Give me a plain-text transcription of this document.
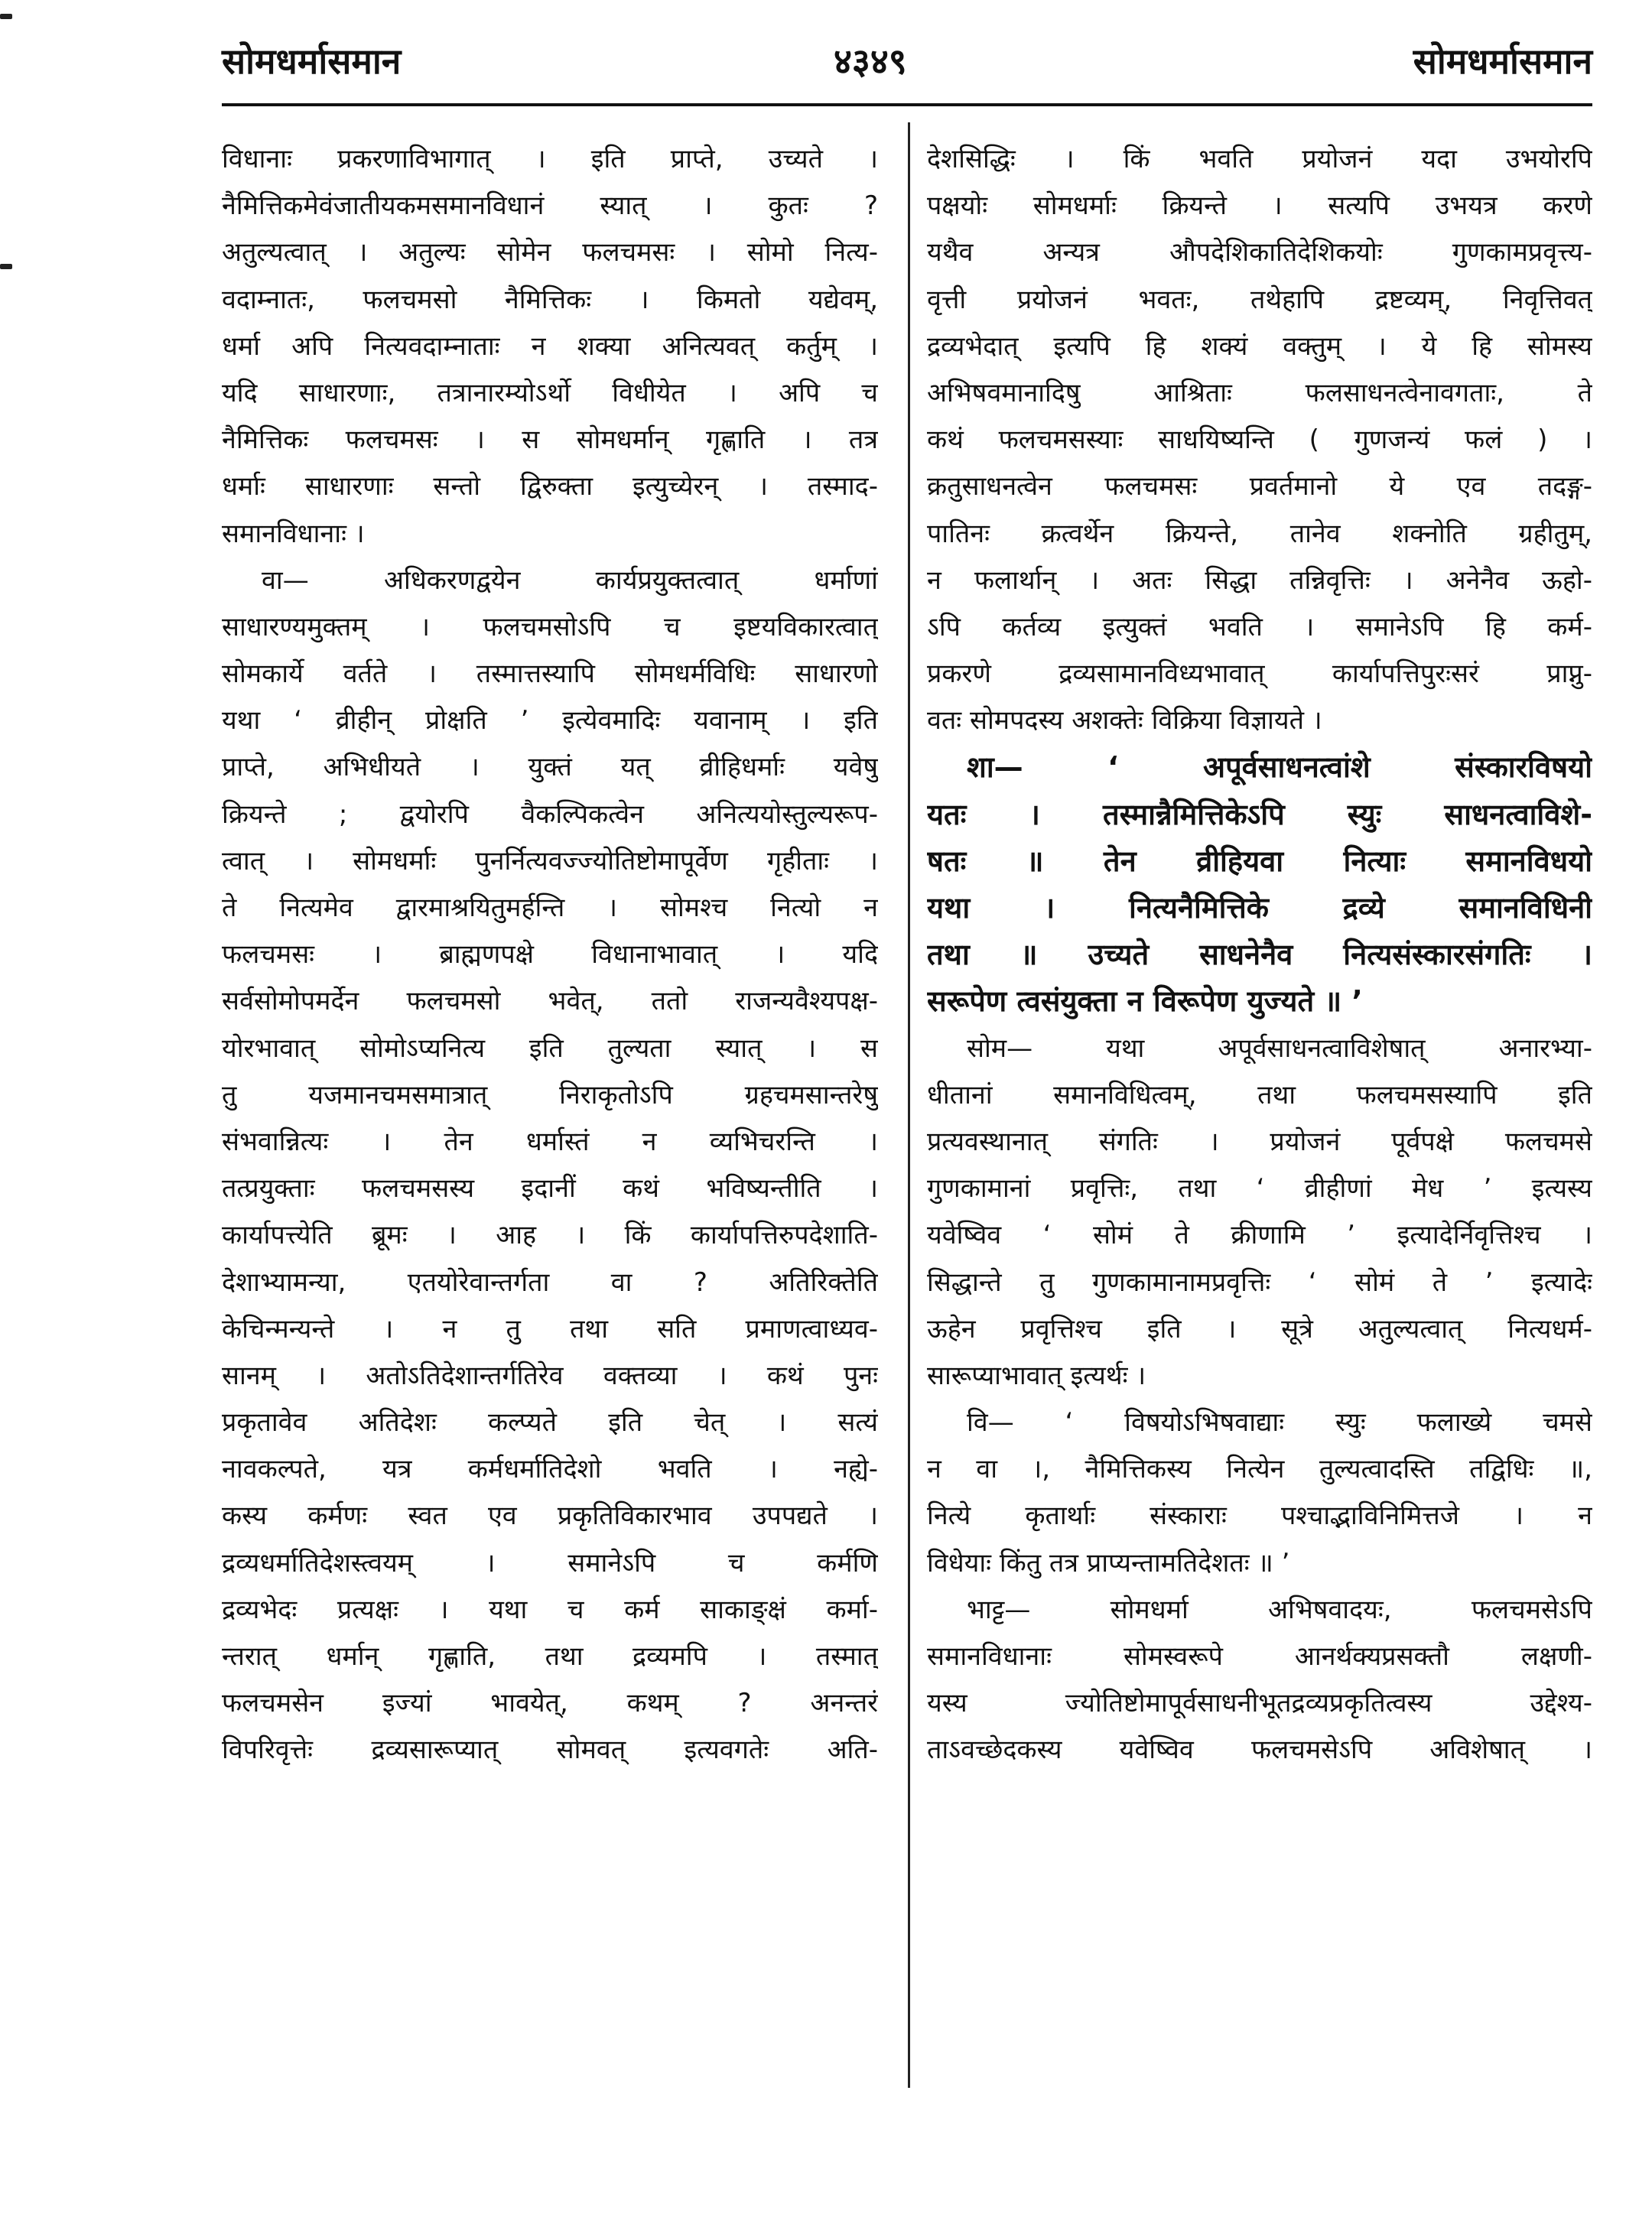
सोमधर्मासमान	४३४९	सोमधर्मासमान
विधानाः प्रकरणाविभागात् । इति प्राप्ते, उच्यते ।
नैमित्तिकमेवंजातीयकमसमानविधानं स्यात् । कुतः ?
अतुल्यत्वात् । अतुल्यः सोमेन फलचमसः । सोमो नित्य-
वदाम्नातः, फलचमसो नैमित्तिकः । किमतो यद्येवम्,
धर्मा अपि नित्यवदाम्नाताः न शक्या अनित्यवत् कर्तुम् ।
यदि साधारणाः, तत्रानारम्योऽर्थो विधीयेत । अपि च
नैमित्तिकः फलचमसः । स सोमधर्मान् गृह्णाति । तत्र
धर्माः साधारणाः सन्तो द्विरुक्ता इत्युच्येरन् । तस्माद-
समानविधानाः ।
वा— अधिकरणद्वयेन कार्यप्रयुक्तत्वात् धर्माणां
साधारण्यमुक्तम् । फलचमसोऽपि च इष्टयविकारत्वात्
सोमकार्ये वर्तते । तस्मात्तस्यापि सोमधर्मविधिः साधारणो
यथा ‘ व्रीहीन् प्रोक्षति ’ इत्येवमादिः यवानाम् । इति
प्राप्ते, अभिधीयते । युक्तं यत् व्रीहिधर्माः यवेषु
क्रियन्ते ; द्वयोरपि वैकल्पिकत्वेन अनित्ययोस्तुल्यरूप-
त्वात् । सोमधर्माः पुनर्नित्यवज्ज्योतिष्टोमापूर्वेण गृहीताः ।
ते नित्यमेव द्वारमाश्रयितुमर्हन्ति । सोमश्च नित्यो न
फलचमसः । ब्राह्मणपक्षे विधानाभावात् । यदि
सर्वसोमोपमर्देन फलचमसो भवेत्, ततो राजन्यवैश्यपक्ष-
योरभावात् सोमोऽप्यनित्य इति तुल्यता स्यात् । स
तु यजमानचमसमात्रात् निराकृतोऽपि ग्रहचमसान्तरेषु
संभवान्नित्यः । तेन धर्मास्तं न व्यभिचरन्ति ।
तत्प्रयुक्ताः फलचमसस्य इदानीं कथं भविष्यन्तीति ।
कार्यापत्त्येति ब्रूमः । आह । किं कार्यापत्तिरुपदेशाति-
देशाभ्यामन्या, एतयोरेवान्तर्गता वा ? अतिरिक्तेति
केचिन्मन्यन्ते । न तु तथा सति प्रमाणत्वाध्यव-
सानम् । अतोऽतिदेशान्तर्गतिरेव वक्तव्या । कथं पुनः
प्रकृतावेव अतिदेशः कल्प्यते इति चेत् । सत्यं
नावकल्पते, यत्र कर्मधर्मातिदेशो भवति । नह्ये-
कस्य कर्मणः स्वत एव प्रकृतिविकारभाव उपपद्यते ।
द्रव्यधर्मातिदेशस्त्वयम् । समानेऽपि च कर्मणि
द्रव्यभेदः प्रत्यक्षः । यथा च कर्म साकाङ्क्षं कर्मा-
न्तरात् धर्मान् गृह्णाति, तथा द्रव्यमपि । तस्मात्
फलचमसेन इज्यां भावयेत्, कथम् ? अनन्तरं
विपरिवृत्तेः द्रव्यसारूप्यात् सोमवत् इत्यवगतेः अति-
देशसिद्धिः । किं भवति प्रयोजनं यदा उभयोरपि
पक्षयोः सोमधर्माः क्रियन्ते । सत्यपि उभयत्र करणे
यथैव अन्यत्र औपदेशिकातिदेशिकयोः गुणकामप्रवृत्त्य-
वृत्ती प्रयोजनं भवतः, तथेहापि द्रष्टव्यम्, निवृत्तिवत्
द्रव्यभेदात् इत्यपि हि शक्यं वक्तुम् । ये हि सोमस्य
अभिषवमानादिषु आश्रिताः फलसाधनत्वेनावगताः, ते
कथं फलचमसस्याः साधयिष्यन्ति ( गुणजन्यं फलं ) ।
क्रतुसाधनत्वेन फलचमसः प्रवर्तमानो ये एव तदङ्ग-
पातिनः क्रत्वर्थेन क्रियन्ते, तानेव शक्नोति ग्रहीतुम्,
न फलार्थान् । अतः सिद्धा तन्निवृत्तिः । अनेनैव ऊहो-
ऽपि कर्तव्य इत्युक्तं भवति । समानेऽपि हि कर्म-
प्रकरणे द्रव्यसामानविध्यभावात् कार्यापत्तिपुरःसरं प्राप्नु-
वतः सोमपदस्य अशक्तेः विक्रिया विज्ञायते ।
शा— ‘ अपूर्वसाधनत्वांशे संस्कारविषयो
यतः । तस्मान्नैमित्तिकेऽपि स्युः साधनत्वाविशे-
षतः ॥ तेन व्रीहियवा नित्याः समानविधयो
यथा । नित्यनैमित्तिके द्रव्ये समानविधिनी
तथा ॥ उच्यते साधनेनैव नित्यसंस्कारसंगतिः ।
सरूपेण त्वसंयुक्ता न विरूपेण युज्यते ॥ ’
सोम— यथा अपूर्वसाधनत्वाविशेषात् अनारभ्या-
धीतानां समानविधित्वम्, तथा फलचमसस्यापि इति
प्रत्यवस्थानात् संगतिः । प्रयोजनं पूर्वपक्षे फलचमसे
गुणकामानां प्रवृत्तिः, तथा ‘ व्रीहीणां मेध ’ इत्यस्य
यवेष्विव ‘ सोमं ते क्रीणामि ’ इत्यादेर्निवृत्तिश्च ।
सिद्धान्ते तु गुणकामानामप्रवृत्तिः ‘ सोमं ते ’ इत्यादेः
ऊहेन प्रवृत्तिश्च इति । सूत्रे अतुल्यत्वात् नित्यधर्म-
सारूप्याभावात् इत्यर्थः ।
वि— ‘ विषयोऽभिषवाद्याः स्युः फलाख्ये चमसे
न वा ।, नैमित्तिकस्य नित्येन तुल्यत्वादस्ति तद्विधिः ॥,
नित्ये कृतार्थाः संस्काराः पश्चाद्भाविनिमित्तजे । न
विधेयाः किंतु तत्र प्राप्यन्तामतिदेशतः ॥ ’
भाट्ट— सोमधर्मा अभिषवादयः, फलचमसेऽपि
समानविधानाः सोमस्वरूपे आनर्थक्यप्रसक्तौ लक्षणी-
यस्य ज्योतिष्टोमापूर्वसाधनीभूतद्रव्यप्रकृतित्वस्य उद्देश्य-
ताऽवच्छेदकस्य यवेष्विव फलचमसेऽपि अविशेषात् ।
